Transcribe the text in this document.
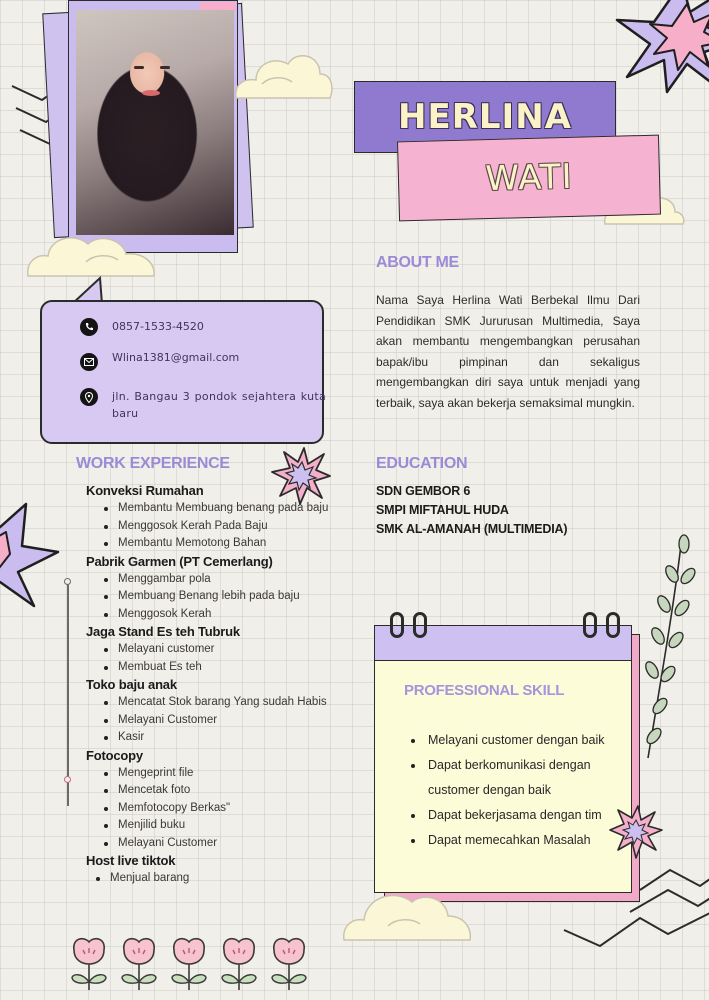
HERLINA
WATI
0857-1533-4520
Wlina1381@gmail.com
jln. Bangau 3 pondok sejahtera kuta baru
ABOUT ME
Nama Saya Herlina Wati Berbekal Ilmu Dari Pendidikan SMK Jururusan Multimedia, Saya akan membantu mengembangkan perusahan bapak/ibu pimpinan dan sekaligus mengembangkan diri saya untuk menjadi yang terbaik, saya akan bekerja semaksimal mungkin.
EDUCATION
SDN GEMBOR 6
SMPI MIFTAHUL HUDA
SMK AL-AMANAH (MULTIMEDIA)
WORK EXPERIENCE
Konveksi Rumahan
Membantu Membuang benang pada baju
Menggosok Kerah Pada Baju
Membantu Memotong Bahan
Pabrik Garmen (PT Cemerlang)
Menggambar pola
Membuang Benang lebih pada baju
Menggosok Kerah
Jaga Stand Es teh Tubruk
Melayani customer
Membuat Es teh
Toko baju anak
Mencatat Stok barang Yang sudah Habis
Melayani Customer
Kasir
Fotocopy
Mengeprint file
Mencetak foto
Memfotocopy Berkas"
Menjilid buku
Melayani Customer
Host live tiktok
Menjual barang
PROFESSIONAL SKILL
Melayani customer dengan baik
Dapat berkomunikasi dengan customer dengan baik
Dapat bekerjasama dengan tim
Dapat memecahkan Masalah
